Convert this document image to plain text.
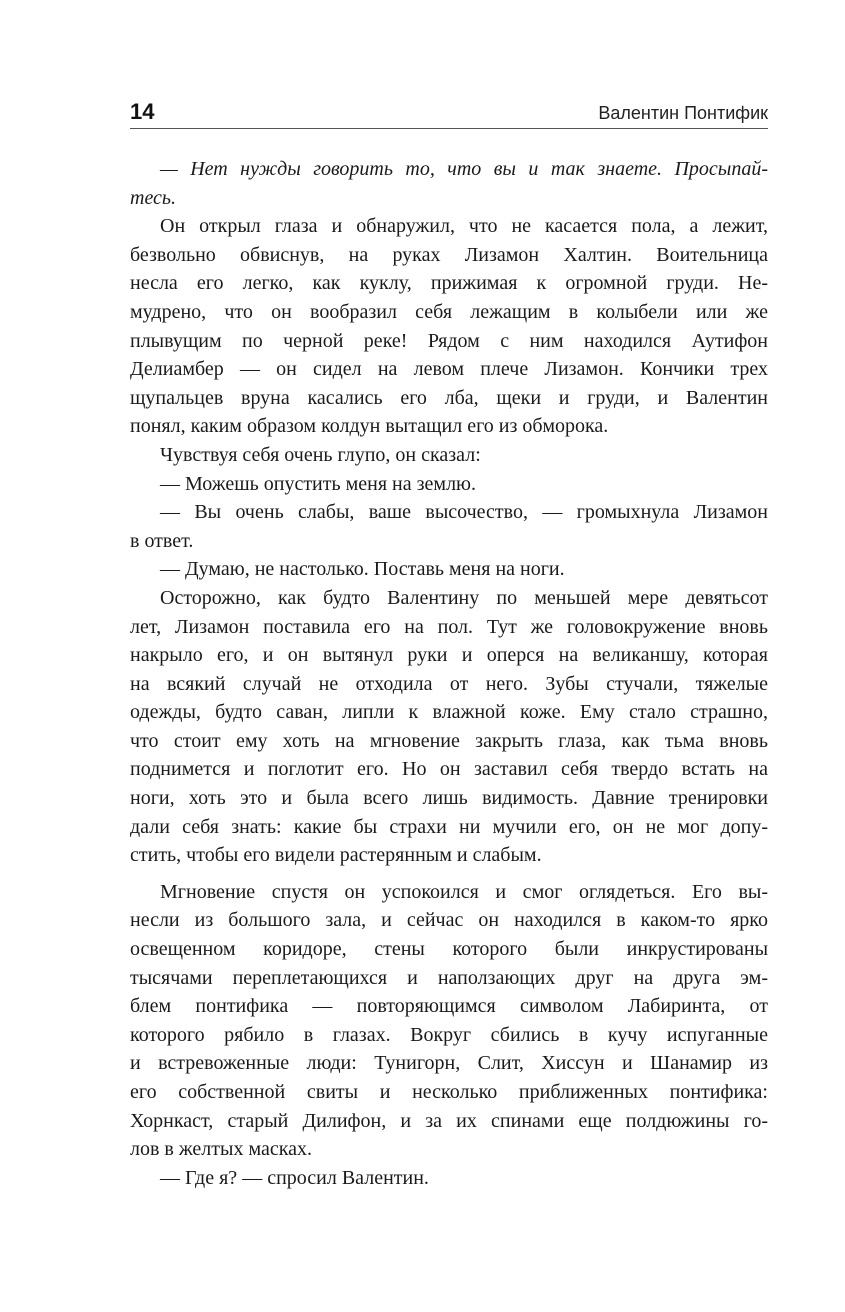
14	Валентин Понтифик
— Нет нужды говорить то, что вы и так знаете. Просыпай-
тесь.
Он открыл глаза и обнаружил, что не касается пола, а лежит,
безвольно обвиснув, на руках Лизамон Халтин. Воительница
несла его легко, как куклу, прижимая к огромной груди. Не-
мудрено, что он вообразил себя лежащим в колыбели или же
плывущим по черной реке! Рядом с ним находился Аутифон
Делиамбер — он сидел на левом плече Лизамон. Кончики трех
щупальцев вруна касались его лба, щеки и груди, и Валентин
понял, каким образом колдун вытащил его из обморока.
Чувствуя себя очень глупо, он сказал:
— Можешь опустить меня на землю.
— Вы очень слабы, ваше высочество, — громыхнула Лизамон
в ответ.
— Думаю, не настолько. Поставь меня на ноги.
Осторожно, как будто Валентину по меньшей мере девятьсот
лет, Лизамон поставила его на пол. Тут же головокружение вновь
накрыло его, и он вытянул руки и оперся на великаншу, которая
на всякий случай не отходила от него. Зубы стучали, тяжелые
одежды, будто саван, липли к влажной коже. Ему стало страшно,
что стоит ему хоть на мгновение закрыть глаза, как тьма вновь
поднимется и поглотит его. Но он заставил себя твердо встать на
ноги, хоть это и была всего лишь видимость. Давние тренировки
дали себя знать: какие бы страхи ни мучили его, он не мог допу-
стить, чтобы его видели растерянным и слабым.
Мгновение спустя он успокоился и смог оглядеться. Его вы-
несли из большого зала, и сейчас он находился в каком-то ярко
освещенном коридоре, стены которого были инкрустированы
тысячами переплетающихся и наползающих друг на друга эм-
блем понтифика — повторяющимся символом Лабиринта, от
которого рябило в глазах. Вокруг сбились в кучу испуганные
и встревоженные люди: Тунигорн, Слит, Хиссун и Шанамир из
его собственной свиты и несколько приближенных понтифика:
Хорнкаст, старый Дилифон, и за их спинами еще полдюжины го-
лов в желтых масках.
— Где я? — спросил Валентин.
